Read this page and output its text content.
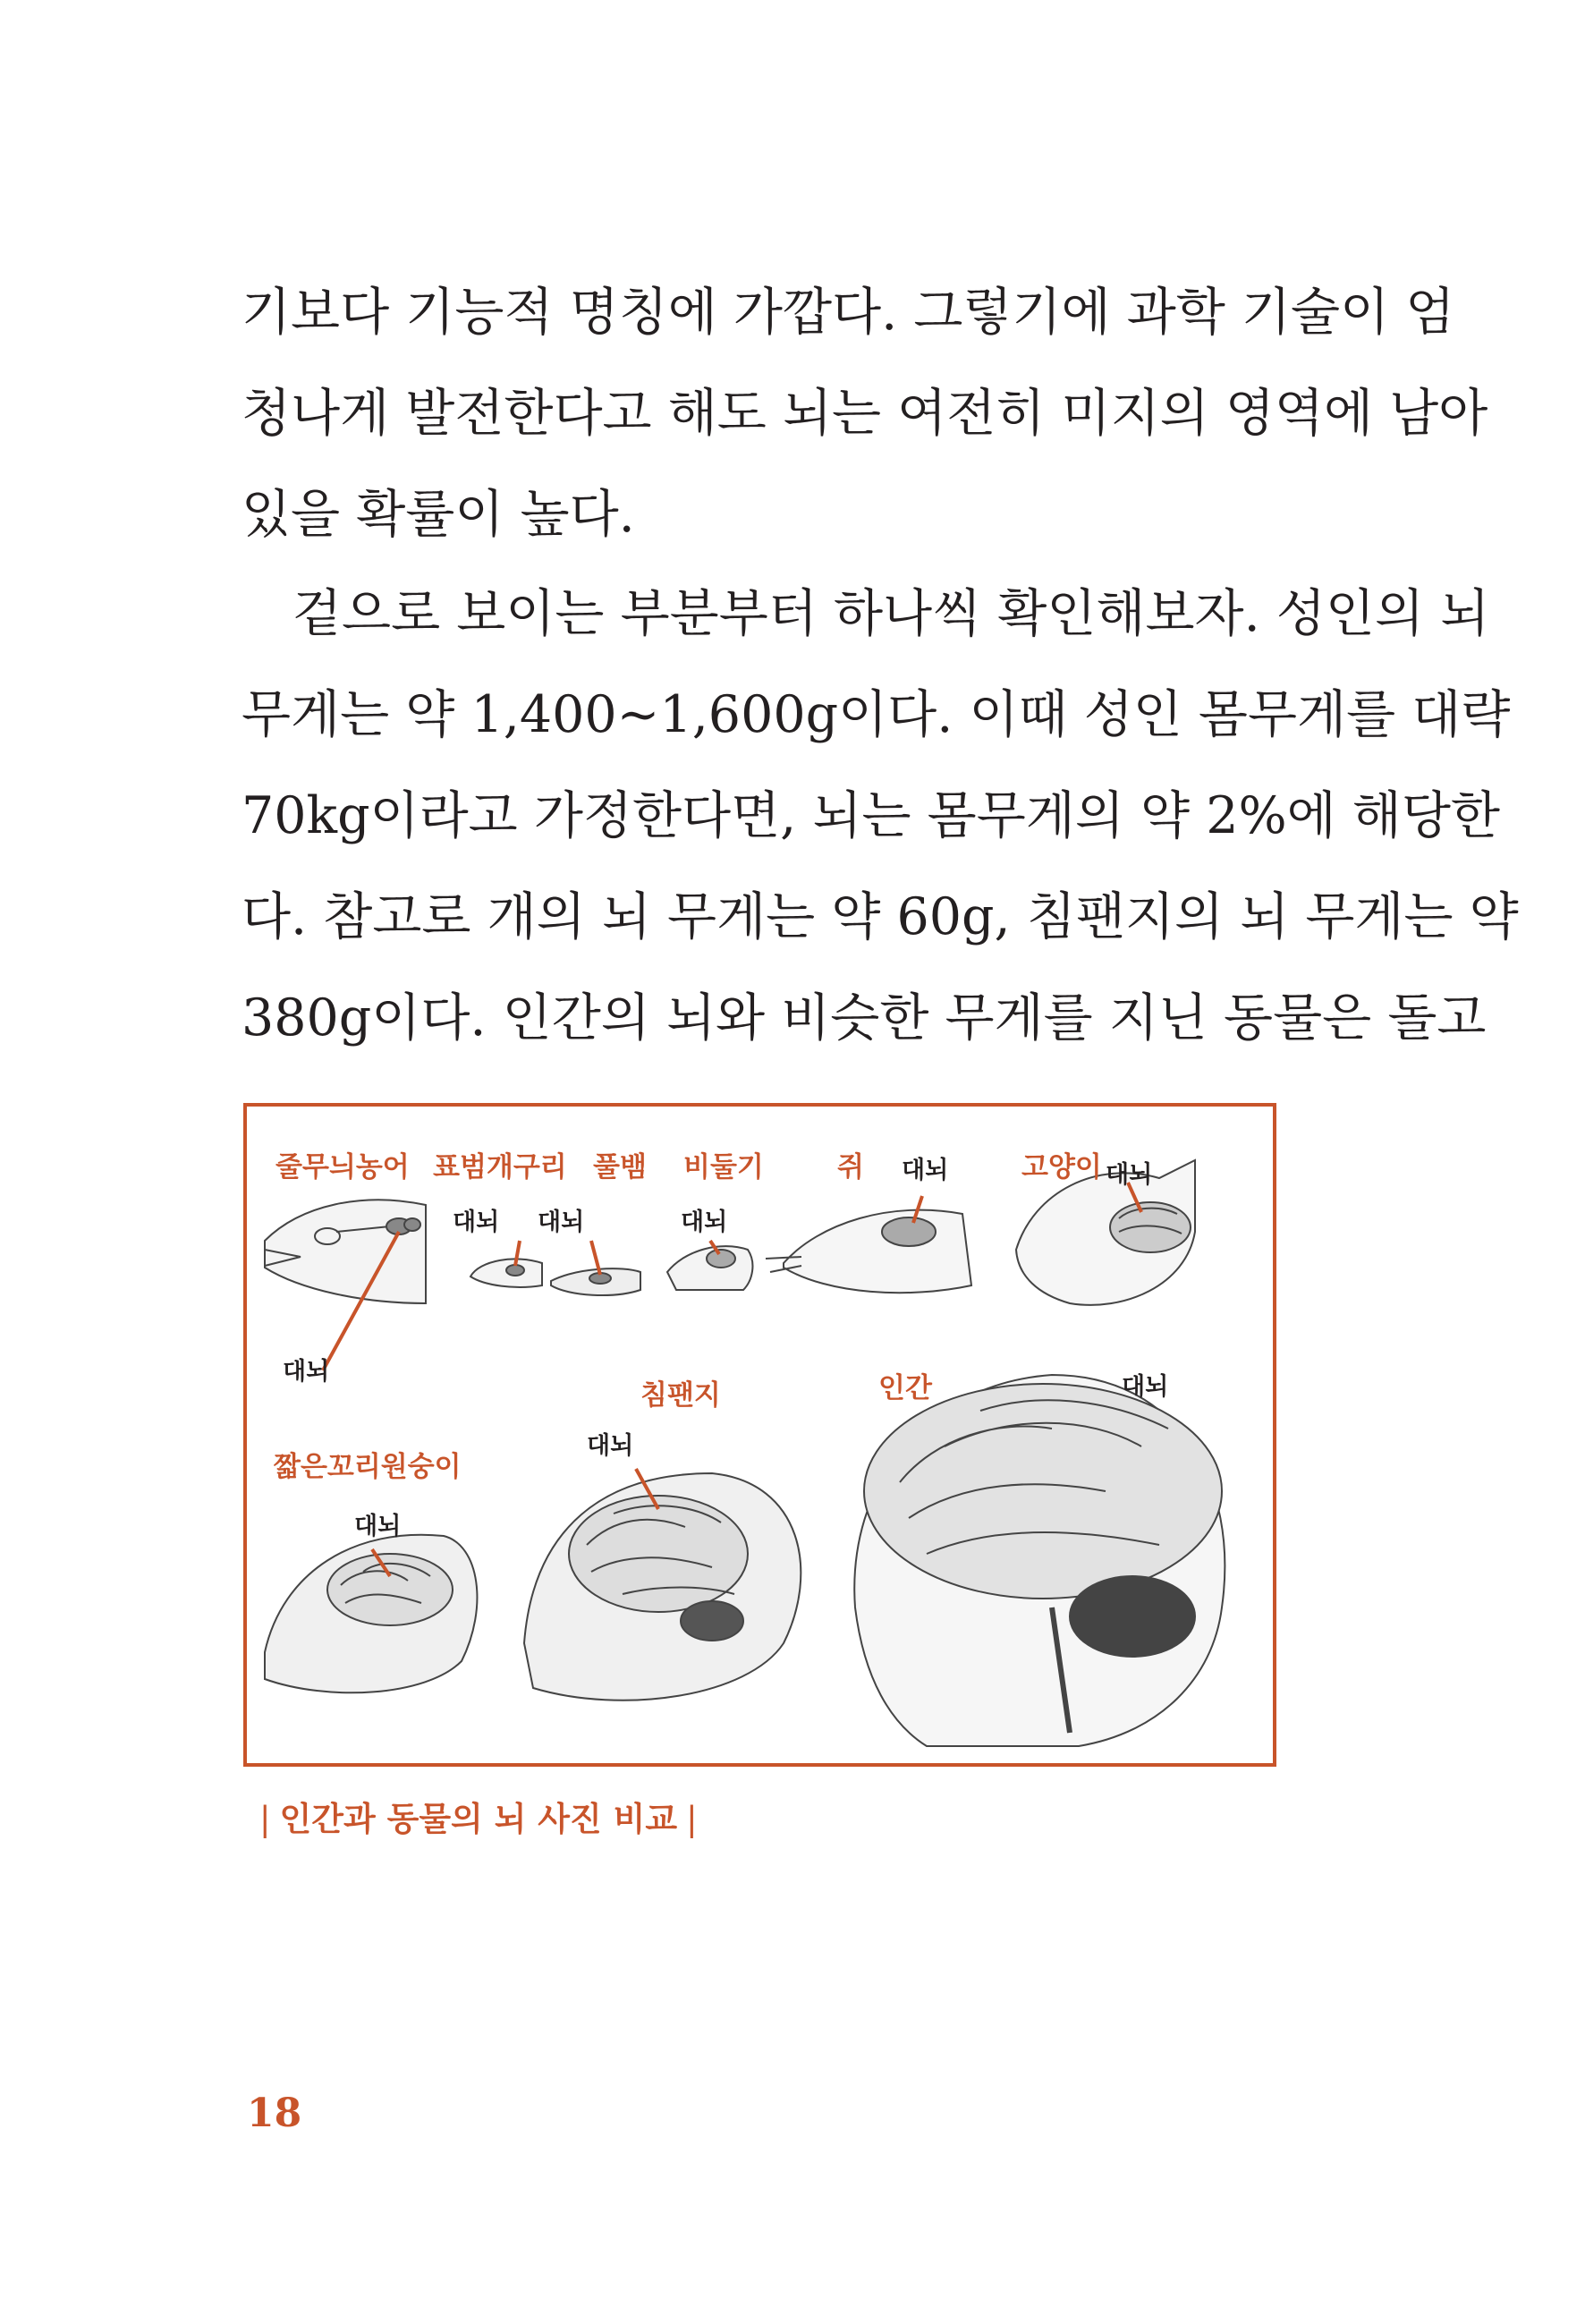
기보다 기능적 명칭에 가깝다. 그렇기에 과학 기술이 엄
청나게 발전한다고 해도 뇌는 여전히 미지의 영역에 남아
있을 확률이 높다.
겉으로 보이는 부분부터 하나씩 확인해보자. 성인의 뇌
무게는 약 1,400~1,600g이다. 이때 성인 몸무게를 대략
70kg이라고 가정한다면, 뇌는 몸무게의 약 2%에 해당한
다. 참고로 개의 뇌 무게는 약 60g, 침팬지의 뇌 무게는 약
380g이다. 인간의 뇌와 비슷한 무게를 지닌 동물은 돌고
줄무늬농어 표범개구리 풀뱀 비둘기	쥐	고양이
짧은꼬리원숭이
침팬지	인간
대뇌
대뇌 대뇌	대뇌
대뇌	대뇌
대뇌
대뇌
대뇌
| 인간과 동물의 뇌 사진 비교 |
18
